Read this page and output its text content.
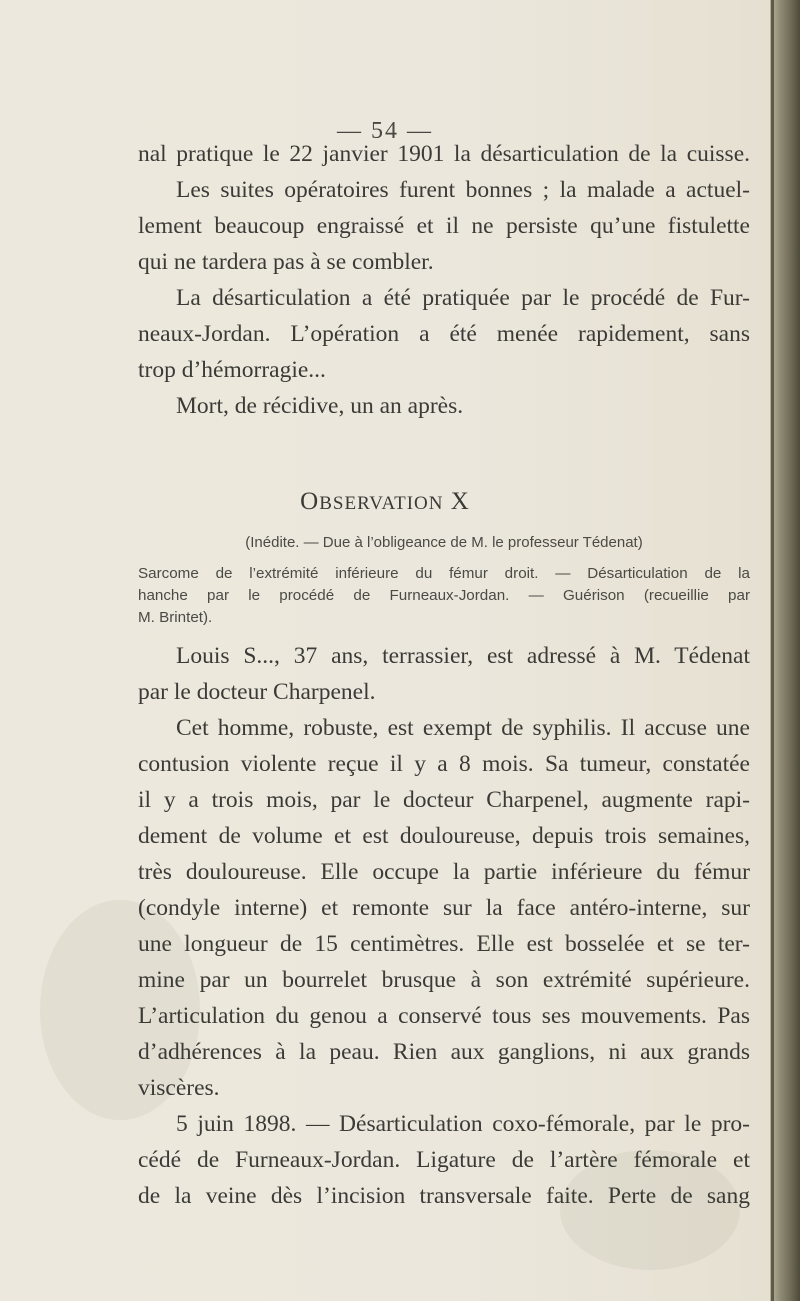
— 54 —
nal pratique le 22 janvier 1901 la désarticulation de la cuisse.
Les suites opératoires furent bonnes ; la malade a actuel-
lement beaucoup engraissé et il ne persiste qu’une fistulette
qui ne tardera pas à se combler.
La désarticulation a été pratiquée par le procédé de Fur-
neaux-Jordan. L’opération a été menée rapidement, sans
trop d’hémorragie...
Mort, de récidive, un an après.
OBSERVATION X
(Inédite. — Due à l’obligeance de M. le professeur Tédenat)
Sarcome de l’extrémité inférieure du fémur droit. — Désarticulation de la
hanche par le procédé de Furneaux-Jordan. — Guérison (recueillie par
M. Brintet).
Louis S..., 37 ans, terrassier, est adressé à M. Tédenat
par le docteur Charpenel.
Cet homme, robuste, est exempt de syphilis. Il accuse une
contusion violente reçue il y a 8 mois. Sa tumeur, constatée
il y a trois mois, par le docteur Charpenel, augmente rapi-
dement de volume et est douloureuse, depuis trois semaines,
très douloureuse. Elle occupe la partie inférieure du fémur
(condyle interne) et remonte sur la face antéro-interne, sur
une longueur de 15 centimètres. Elle est bosselée et se ter-
mine par un bourrelet brusque à son extrémité supérieure.
L’articulation du genou a conservé tous ses mouvements. Pas
d’adhérences à la peau. Rien aux ganglions, ni aux grands
viscères.
5 juin 1898. — Désarticulation coxo-fémorale, par le pro-
cédé de Furneaux-Jordan. Ligature de l’artère fémorale et
de la veine dès l’incision transversale faite. Perte de sang
